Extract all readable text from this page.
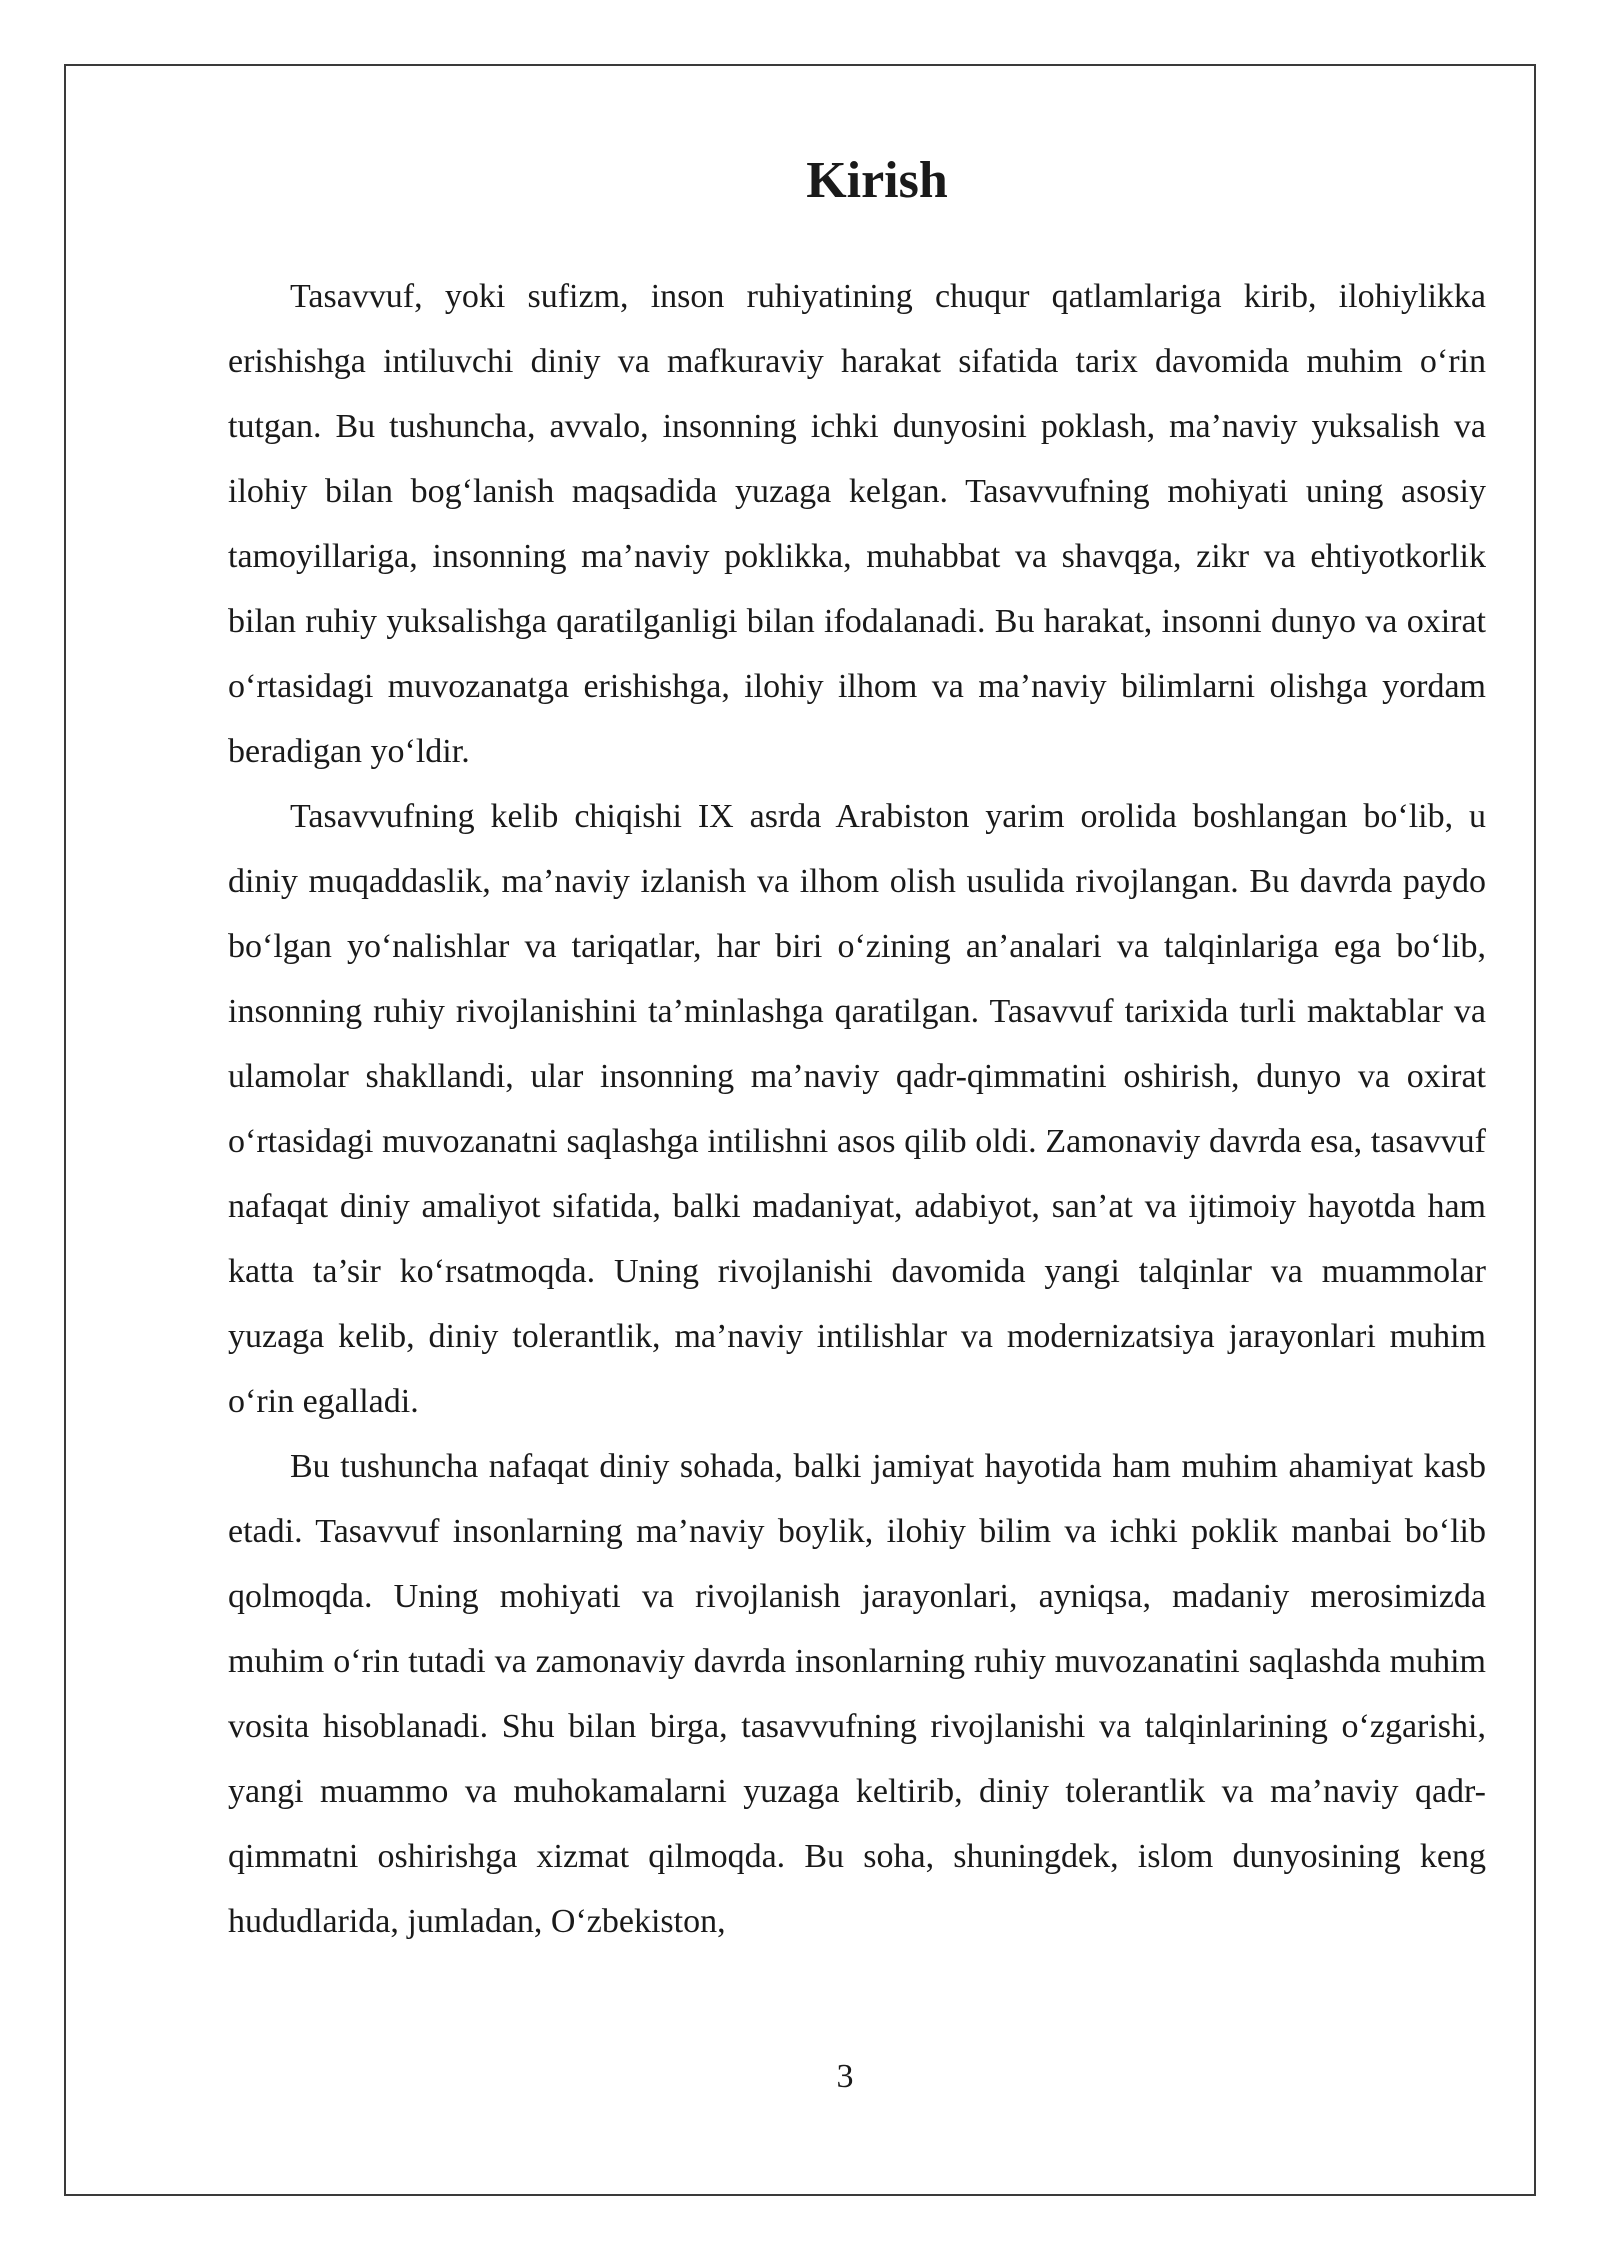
Kirish

Tasavvuf, yoki sufizm, inson ruhiyatining chuqur qatlamlariga kirib, ilohiylikka erishishga intiluvchi diniy va mafkuraviy harakat sifatida tarix davomida muhim o‘rin tutgan. Bu tushuncha, avvalo, insonning ichki dunyosini poklash, ma’naviy yuksalish va ilohiy bilan bog‘lanish maqsadida yuzaga kelgan. Tasavvufning mohiyati uning asosiy tamoyillariga, insonning ma’naviy poklikka, muhabbat va shavqga, zikr va ehtiyotkorlik bilan ruhiy yuksalishga qaratilganligi bilan ifodalanadi. Bu harakat, insonni dunyo va oxirat o‘rtasidagi muvozanatga erishishga, ilohiy ilhom va ma’naviy bilimlarni olishga yordam beradigan yo‘ldir.

Tasavvufning kelib chiqishi IX asrda Arabiston yarim orolida boshlangan bo‘lib, u diniy muqaddaslik, ma’naviy izlanish va ilhom olish usulida rivojlangan. Bu davrda paydo bo‘lgan yo‘nalishlar va tariqatlar, har biri o‘zining an’analari va talqinlariga ega bo‘lib, insonning ruhiy rivojlanishini ta’minlashga qaratilgan. Tasavvuf tarixida turli maktablar va ulamolar shakllandi, ular insonning ma’naviy qadr-qimmatini oshirish, dunyo va oxirat o‘rtasidagi muvozanatni saqlashga intilishni asos qilib oldi. Zamonaviy davrda esa, tasavvuf nafaqat diniy amaliyot sifatida, balki madaniyat, adabiyot, san’at va ijtimoiy hayotda ham katta ta’sir ko‘rsatmoqda. Uning rivojlanishi davomida yangi talqinlar va muammolar yuzaga kelib, diniy tolerantlik, ma’naviy intilishlar va modernizatsiya jarayonlari muhim o‘rin egalladi.

Bu tushuncha nafaqat diniy sohada, balki jamiyat hayotida ham muhim ahamiyat kasb etadi. Tasavvuf insonlarning ma’naviy boylik, ilohiy bilim va ichki poklik manbai bo‘lib qolmoqda. Uning mohiyati va rivojlanish jarayonlari, ayniqsa, madaniy merosimizda muhim o‘rin tutadi va zamonaviy davrda insonlarning ruhiy muvozanatini saqlashda muhim vosita hisoblanadi. Shu bilan birga, tasavvufning rivojlanishi va talqinlarining o‘zgarishi, yangi muammo va muhokamalarni yuzaga keltirib, diniy tolerantlik va ma’naviy qadr-qimmatni oshirishga xizmat qilmoqda. Bu soha, shuningdek, islom dunyosining keng hududlarida, jumladan, O‘zbekiston,

3
